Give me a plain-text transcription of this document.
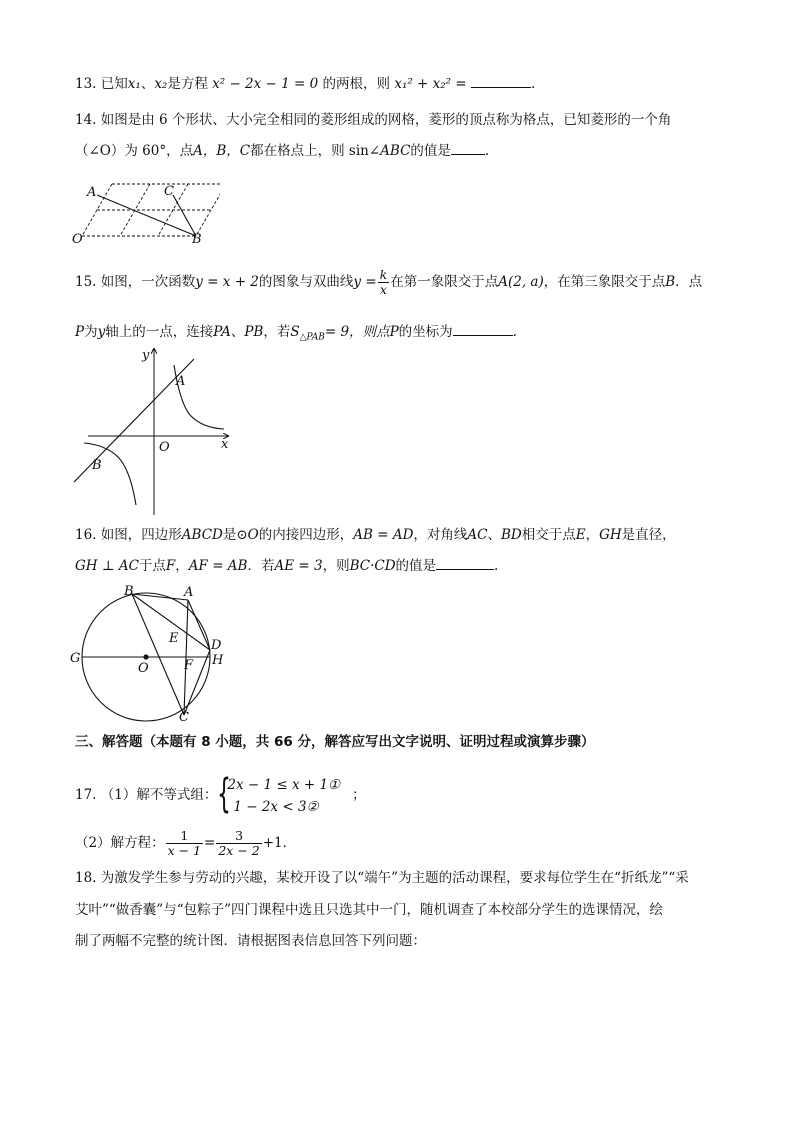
13. 已知x₁、x₂是方程 x² − 2x − 1 = 0 的两根，则 x₁² + x₂² =	.
14. 如图是由 6 个形状、大小完全相同的菱形组成的网格，菱形的顶点称为格点，已知菱形的一个角
（∠O）为 60°，点A，B，C都在格点上，则 sin∠ABC的值是	.
A	C
O	B
15. 如图，一次函数y = x + 2的图象与双曲线$y = \frac{k}{x}$ 在第一象限交于点A(2, a)，在第三象限交于点B．点
P为y轴上的一点，连接PA、PB，若$S_{\triangle PAB}= 9$，则点P的坐标为	.
y
A
O	x
B
16. 如图，四边形ABCD是⊙O的内接四边形，AB = AD，对角线AC、BD相交于点E，GH是直径，
GH ⊥ AC于点F，AF = AB．若AE = 3，则BC·CD的值是	.
B	A
E	D
G
O	F H
C
三、解答题（本题有 8 小题，共 66 分，解答应写出文字说明、证明过程或演算步骤）
17. （1）解不等式组： {
2x − 1 ≤ x + 1①
1 − 2x < 3②
；
（2）解方程： $\frac{1}{x - 1} = \frac{3}{2x - 2} +1$．
18. 为激发学生参与劳动的兴趣，某校开设了以“端午”为主题的活动课程，要求每位学生在“折纸龙”“采
艾叶”“做香囊”与“包粽子”四门课程中选且只选其中一门，随机调查了本校部分学生的选课情况，绘
制了两幅不完整的统计图．请根据图表信息回答下列问题：
